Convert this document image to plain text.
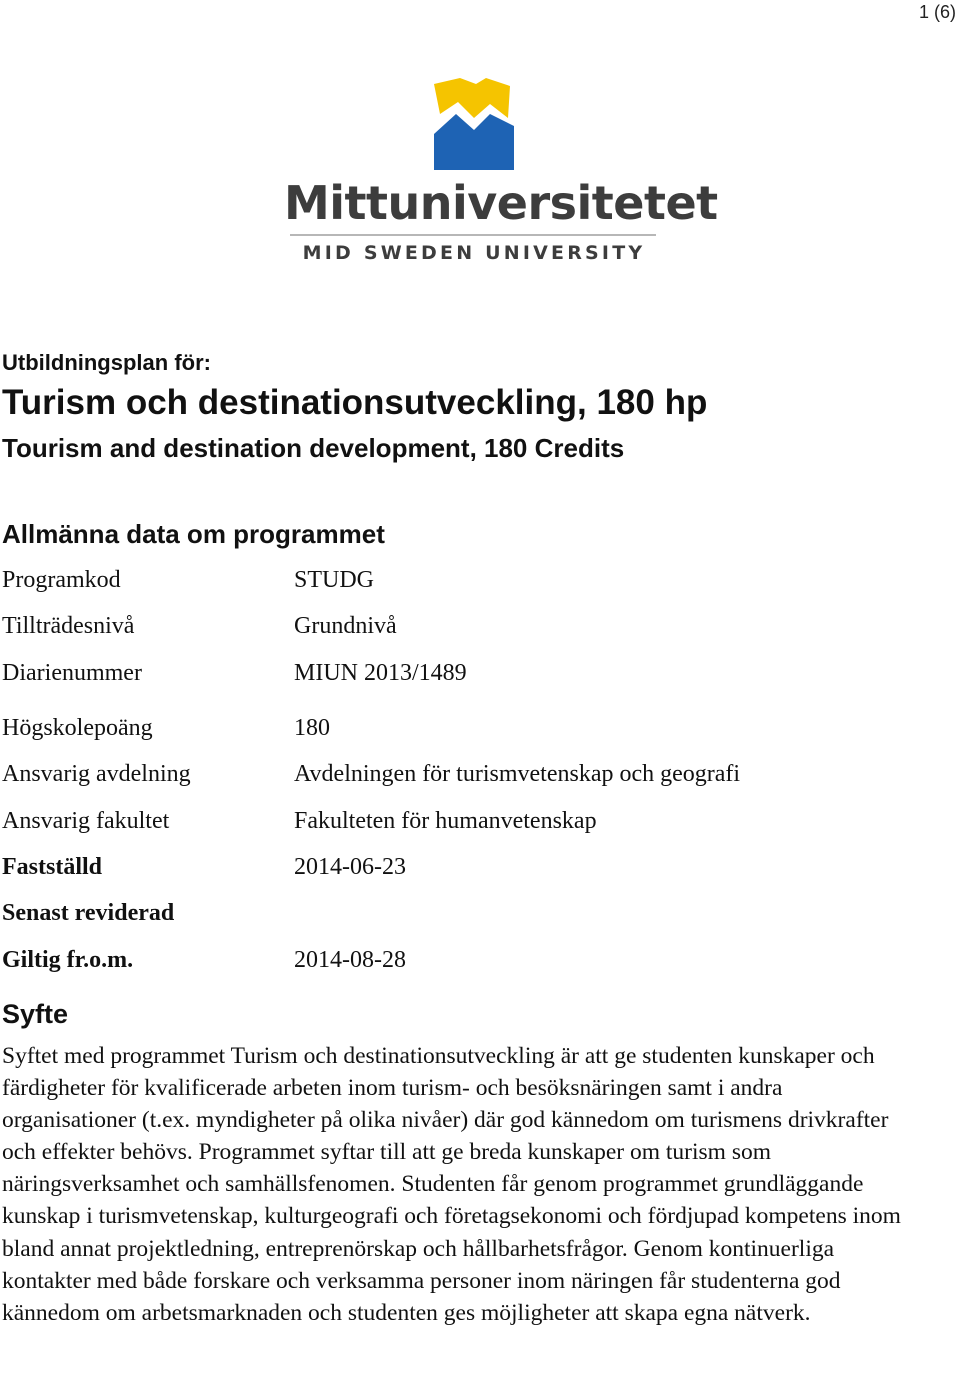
1 (6)
Mittuniversitetet
MID SWEDEN UNIVERSITY
Utbildningsplan för:
Turism och destinationsutveckling, 180 hp
Tourism and destination development, 180 Credits
Allmänna data om programmet
Programkod	STUDG
Tillträdesnivå	Grundnivå
Diarienummer	MIUN 2013/1489
Högskolepoäng	180
Ansvarig avdelning	Avdelningen för turismvetenskap och geografi
Ansvarig fakultet	Fakulteten för humanvetenskap
Fastställd	2014-06-23
Senast reviderad
Giltig fr.o.m.	2014-08-28
Syfte

Syftet med programmet Turism och destinationsutveckling är att ge studenten kunskaper och färdigheter för kvalificerade arbeten inom turism- och besöksnäringen samt i andra organisationer (t.ex. myndigheter på olika nivåer) där god kännedom om turismens drivkrafter och effekter behövs. Programmet syftar till att ge breda kunskaper om turism som näringsverksamhet och samhällsfenomen. Studenten får genom programmet grundläggande kunskap i turismvetenskap, kulturgeografi och företagsekonomi och fördjupad kompetens inom bland annat projektledning, entreprenörskap och hållbarhetsfrågor. Genom kontinuerliga kontakter med både forskare och verksamma personer inom näringen får studenterna god kännedom om arbetsmarknaden och studenten ges möjligheter att skapa egna nätverk.
